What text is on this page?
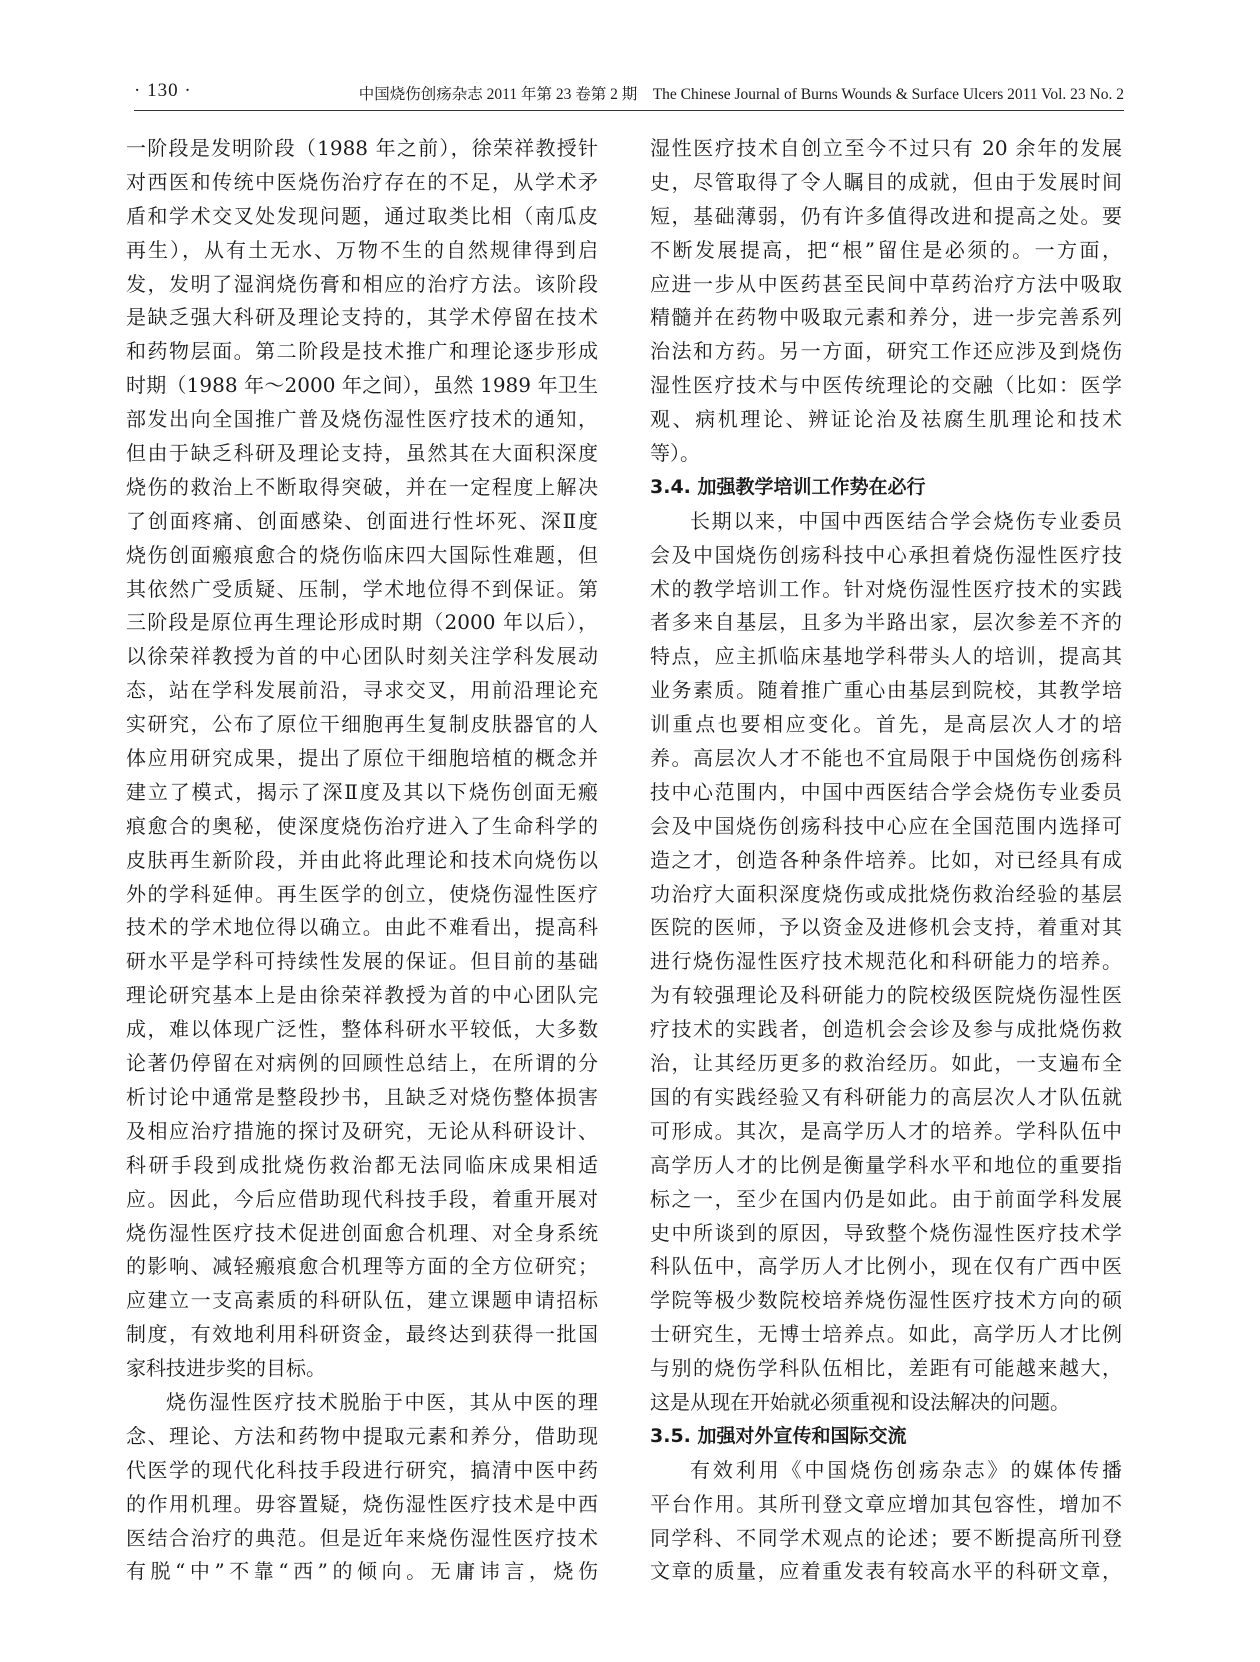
· 130 ·	中国烧伤创疡杂志 2011 年第 23 卷第 2 期　The Chinese Journal of Burns Wounds & Surface Ulcers 2011 Vol. 23 No. 2
一阶段是发明阶段（1988 年之前），徐荣祥教授针
对西医和传统中医烧伤治疗存在的不足，从学术矛
盾和学术交叉处发现问题，通过取类比相（南瓜皮
再生），从有土无水、万物不生的自然规律得到启
发，发明了湿润烧伤膏和相应的治疗方法。该阶段
是缺乏强大科研及理论支持的，其学术停留在技术
和药物层面。第二阶段是技术推广和理论逐步形成
时期（1988 年～2000 年之间），虽然 1989 年卫生
部发出向全国推广普及烧伤湿性医疗技术的通知，
但由于缺乏科研及理论支持，虽然其在大面积深度
烧伤的救治上不断取得突破，并在一定程度上解决
了创面疼痛、创面感染、创面进行性坏死、深Ⅱ度
烧伤创面瘢痕愈合的烧伤临床四大国际性难题，但
其依然广受质疑、压制，学术地位得不到保证。第
三阶段是原位再生理论形成时期（2000 年以后），
以徐荣祥教授为首的中心团队时刻关注学科发展动
态，站在学科发展前沿，寻求交叉，用前沿理论充
实研究，公布了原位干细胞再生复制皮肤器官的人
体应用研究成果，提出了原位干细胞培植的概念并
建立了模式，揭示了深Ⅱ度及其以下烧伤创面无瘢
痕愈合的奥秘，使深度烧伤治疗进入了生命科学的
皮肤再生新阶段，并由此将此理论和技术向烧伤以
外的学科延伸。再生医学的创立，使烧伤湿性医疗
技术的学术地位得以确立。由此不难看出，提高科
研水平是学科可持续性发展的保证。但目前的基础
理论研究基本上是由徐荣祥教授为首的中心团队完
成，难以体现广泛性，整体科研水平较低，大多数
论著仍停留在对病例的回顾性总结上，在所谓的分
析讨论中通常是整段抄书，且缺乏对烧伤整体损害
及相应治疗措施的探讨及研究，无论从科研设计、
科研手段到成批烧伤救治都无法同临床成果相适
应。因此，今后应借助现代科技手段，着重开展对
烧伤湿性医疗技术促进创面愈合机理、对全身系统
的影响、减轻瘢痕愈合机理等方面的全方位研究；
应建立一支高素质的科研队伍，建立课题申请招标
制度，有效地利用科研资金，最终达到获得一批国
家科技进步奖的目标。
烧伤湿性医疗技术脱胎于中医，其从中医的理
念、理论、方法和药物中提取元素和养分，借助现
代医学的现代化科技手段进行研究，搞清中医中药
的作用机理。毋容置疑，烧伤湿性医疗技术是中西
医结合治疗的典范。但是近年来烧伤湿性医疗技术
有脱“中”不靠“西”的倾向。无庸讳言，烧伤
湿性医疗技术自创立至今不过只有 20 余年的发展
史，尽管取得了令人瞩目的成就，但由于发展时间
短，基础薄弱，仍有许多值得改进和提高之处。要
不断发展提高，把“根”留住是必须的。一方面，
应进一步从中医药甚至民间中草药治疗方法中吸取
精髓并在药物中吸取元素和养分，进一步完善系列
治法和方药。另一方面，研究工作还应涉及到烧伤
湿性医疗技术与中医传统理论的交融（比如：医学
观、病机理论、辨证论治及祛腐生肌理论和技术
等）。
3.4. 加强教学培训工作势在必行
长期以来，中国中西医结合学会烧伤专业委员
会及中国烧伤创疡科技中心承担着烧伤湿性医疗技
术的教学培训工作。针对烧伤湿性医疗技术的实践
者多来自基层，且多为半路出家，层次参差不齐的
特点，应主抓临床基地学科带头人的培训，提高其
业务素质。随着推广重心由基层到院校，其教学培
训重点也要相应变化。首先，是高层次人才的培
养。高层次人才不能也不宜局限于中国烧伤创疡科
技中心范围内，中国中西医结合学会烧伤专业委员
会及中国烧伤创疡科技中心应在全国范围内选择可
造之才，创造各种条件培养。比如，对已经具有成
功治疗大面积深度烧伤或成批烧伤救治经验的基层
医院的医师，予以资金及进修机会支持，着重对其
进行烧伤湿性医疗技术规范化和科研能力的培养。
为有较强理论及科研能力的院校级医院烧伤湿性医
疗技术的实践者，创造机会会诊及参与成批烧伤救
治，让其经历更多的救治经历。如此，一支遍布全
国的有实践经验又有科研能力的高层次人才队伍就
可形成。其次，是高学历人才的培养。学科队伍中
高学历人才的比例是衡量学科水平和地位的重要指
标之一，至少在国内仍是如此。由于前面学科发展
史中所谈到的原因，导致整个烧伤湿性医疗技术学
科队伍中，高学历人才比例小，现在仅有广西中医
学院等极少数院校培养烧伤湿性医疗技术方向的硕
士研究生，无博士培养点。如此，高学历人才比例
与别的烧伤学科队伍相比，差距有可能越来越大，
这是从现在开始就必须重视和设法解决的问题。
3.5. 加强对外宣传和国际交流
有效利用《中国烧伤创疡杂志》的媒体传播
平台作用。其所刊登文章应增加其包容性，增加不
同学科、不同学术观点的论述；要不断提高所刊登
文章的质量，应着重发表有较高水平的科研文章，
